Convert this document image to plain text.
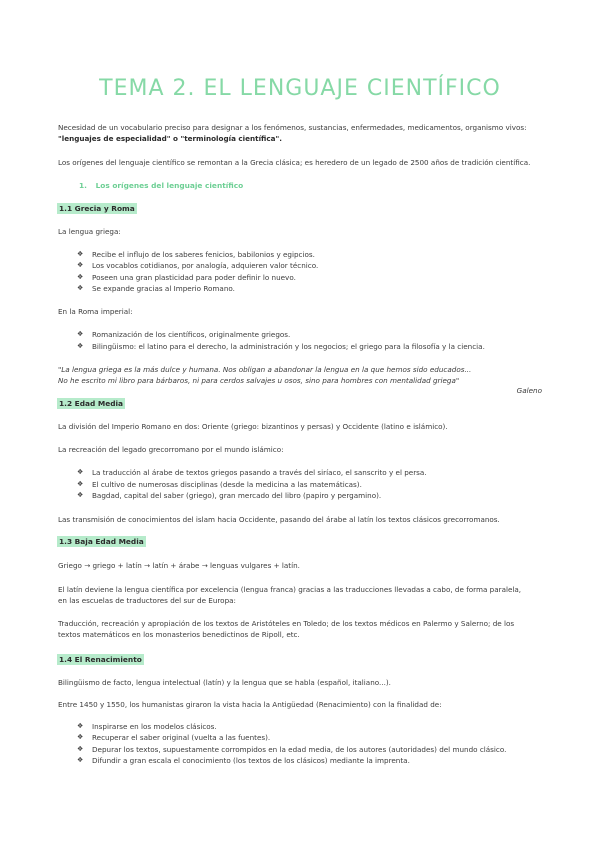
TEMA 2. EL LENGUAJE CIENTÍFICO
Necesidad de un vocabulario preciso para designar a los fenómenos, sustancias, enfermedades, medicamentos, organismo vivos:
"lenguajes de especialidad" o "terminología científica".
Los orígenes del lenguaje científico se remontan a la Grecia clásica; es heredero de un legado de 2500 años de tradición científica.
1. Los orígenes del lenguaje científico
1.1 Grecia y Roma
La lengua griega:
❖ Recibe el influjo de los saberes fenicios, babilonios y egipcios.
❖ Los vocablos cotidianos, por analogía, adquieren valor técnico.
❖ Poseen una gran plasticidad para poder definir lo nuevo.
❖ Se expande gracias al Imperio Romano.
En la Roma imperial:
❖ Romanización de los científicos, originalmente griegos.
❖ Bilingüismo: el latino para el derecho, la administración y los negocios; el griego para la filosofía y la ciencia.
"La lengua griega es la más dulce y humana. Nos obligan a abandonar la lengua en la que hemos sido educados...
No he escrito mi libro para bárbaros, ni para cerdos salvajes u osos, sino para hombres con mentalidad griega"
Galeno
1.2 Edad Media
La división del Imperio Romano en dos: Oriente (griego: bizantinos y persas) y Occidente (latino e islámico).
La recreación del legado grecorromano por el mundo islámico:
❖ La traducción al árabe de textos griegos pasando a través del siríaco, el sanscrito y el persa.
❖ El cultivo de numerosas disciplinas (desde la medicina a las matemáticas).
❖ Bagdad, capital del saber (griego), gran mercado del libro (papiro y pergamino).
Las transmisión de conocimientos del islam hacia Occidente, pasando del árabe al latín los textos clásicos grecorromanos.
1.3 Baja Edad Media
Griego → griego + latín → latín + árabe → lenguas vulgares + latín.
El latín deviene la lengua científica por excelencia (lengua franca) gracias a las traducciones llevadas a cabo, de forma paralela,
en las escuelas de traductores del sur de Europa:
Traducción, recreación y apropiación de los textos de Aristóteles en Toledo; de los textos médicos en Palermo y Salerno; de los
textos matemáticos en los monasterios benedictinos de Ripoll, etc.
1.4 El Renacimiento
Bilingüismo de facto, lengua intelectual (latín) y la lengua que se habla (español, italiano...).
Entre 1450 y 1550, los humanistas giraron la vista hacia la Antigüedad (Renacimiento) con la finalidad de:
❖ Inspirarse en los modelos clásicos.
❖ Recuperar el saber original (vuelta a las fuentes).
❖ Depurar los textos, supuestamente corrompidos en la edad media, de los autores (autoridades) del mundo clásico.
❖ Difundir a gran escala el conocimiento (los textos de los clásicos) mediante la imprenta.
